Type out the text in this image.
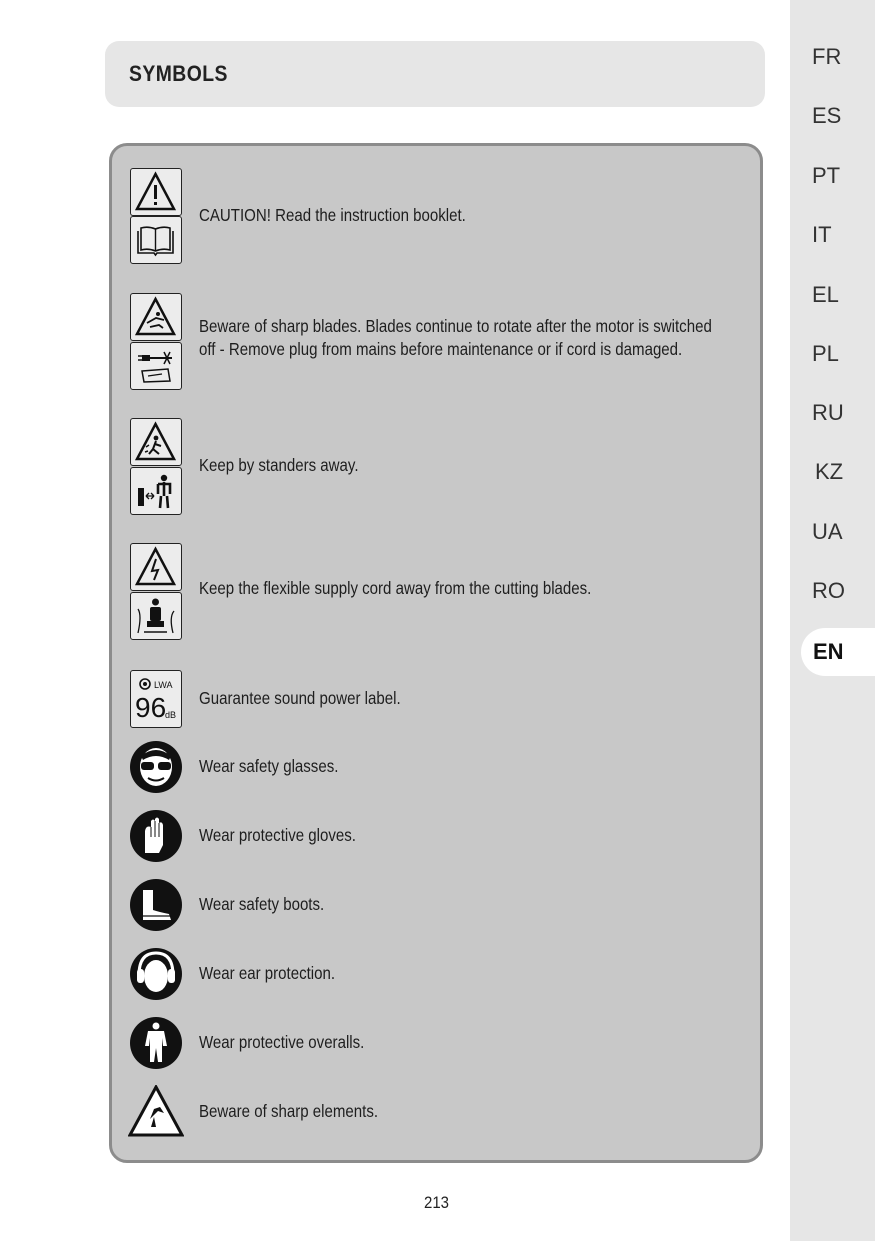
SYMBOLS
CAUTION! Read the instruction booklet.
Beware of sharp blades. Blades continue to rotate after the motor is switched
off - Remove plug from mains before maintenance or if cord is damaged.
Keep by standers away.
Keep the flexible supply cord away from the cutting blades.
LWA
96
dB
Guarantee sound power label.
Wear safety glasses.
Wear protective gloves.
Wear safety boots.
Wear ear protection.
Wear protective overalls.
Beware of sharp elements.
213
FR
ES
PT
IT
EL
PL
RU
KZ
UA
RO
EN
